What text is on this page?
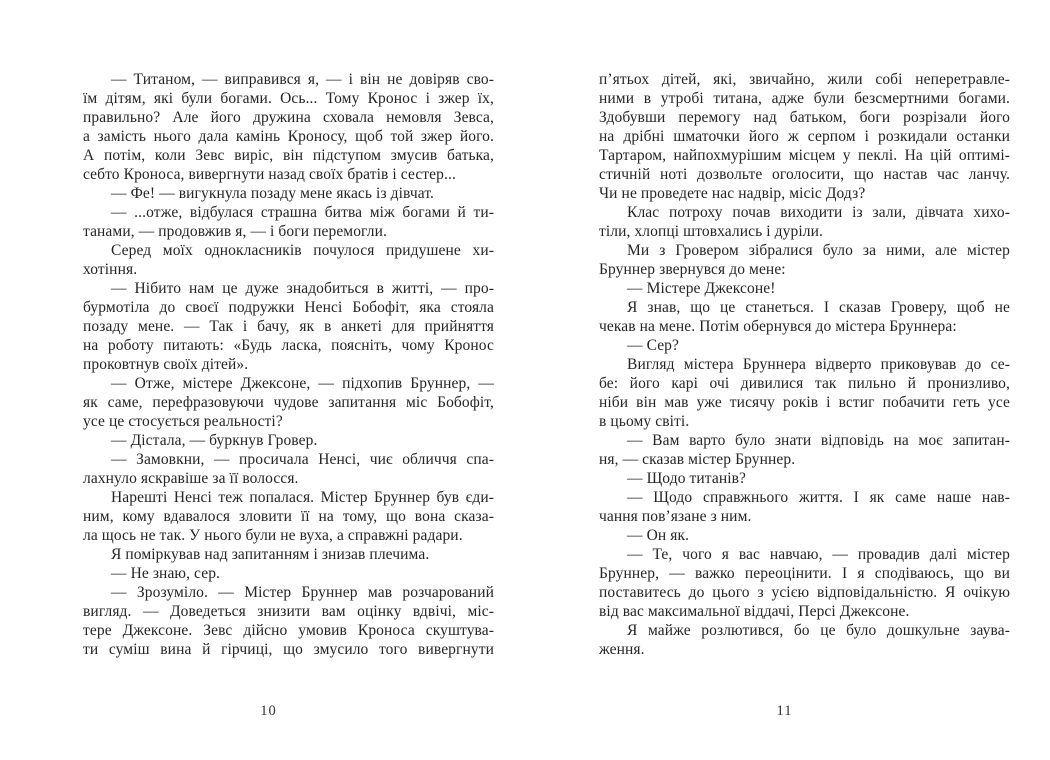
— Титаном, — виправився я, — і він не довіряв сво-
їм дітям, які були богами. Ось... Тому Кронос і зжер їх,
правильно? Але його дружина сховала немовля Зевса,
а замість нього дала камінь Кроносу, щоб той зжер його.
А потім, коли Зевс виріс, він підступом змусив батька,
себто Кроноса, вивергнути назад своїх братів і сестер...
— Фе! — вигукнула позаду мене якась із дівчат.
— ...отже, відбулася страшна битва між богами й ти-
танами, — продовжив я, — і боги перемогли.
Серед моїх однокласників почулося придушене хи-
хотіння.
— Нібито нам це дуже знадобиться в житті, — про-
бурмотіла до своєї подружки Ненсі Бобофіт, яка стояла
позаду мене. — Так і бачу, як в анкеті для прийняття
на роботу питають: «Будь ласка, поясніть, чому Кронос
проковтнув своїх дітей».
— Отже, містере Джексоне, — підхопив Бруннер, —
як саме, перефразовуючи чудове запитання міс Бобофіт,
усе це стосується реальності?
— Дістала, — буркнув Гровер.
— Замовкни, — просичала Ненсі, чиє обличчя спа-
лахнуло яскравіше за її волосся.
Нарешті Ненсі теж попалася. Містер Бруннер був єди-
ним, кому вдавалося зловити її на тому, що вона сказа-
ла щось не так. У нього були не вуха, а справжні радари.
Я поміркував над запитанням і знизав плечима.
— Не знаю, сер.
— Зрозуміло. — Містер Бруннер мав розчарований
вигляд. — Доведеться знизити вам оцінку вдвічі, міс-
тере Джексоне. Зевс дійсно умовив Кроноса скуштува-
ти суміш вина й гірчиці, що змусило того вивергнути
10
п’ятьох дітей, які, звичайно, жили собі неперетравле-
ними в утробі титана, адже були безсмертними богами.
Здобувши перемогу над батьком, боги розрізали його
на дрібні шматочки його ж серпом і розкидали останки
Тартаром, найпохмурішим місцем у пеклі. На цій оптимі-
стичній ноті дозвольте оголосити, що настав час ланчу.
Чи не проведете нас надвір, місіс Додз?
Клас потроху почав виходити із зали, дівчата хихо-
тіли, хлопці штовхались і дуріли.
Ми з Гровером зібралися було за ними, але містер
Бруннер звернувся до мене:
— Містере Джексоне!
Я знав, що це станеться. І сказав Гроверу, щоб не
чекав на мене. Потім обернувся до містера Бруннера:
— Сер?
Вигляд містера Бруннера відверто приковував до се-
бе: його карі очі дивилися так пильно й пронизливо,
ніби він мав уже тисячу років і встиг побачити геть усе
в цьому світі.
— Вам варто було знати відповідь на моє запитан-
ня, — сказав містер Бруннер.
— Щодо титанів?
— Щодо справжнього життя. І як саме наше нав-
чання пов’язане з ним.
— Он як.
— Те, чого я вас навчаю, — провадив далі містер
Бруннер, — важко переоцінити. І я сподіваюсь, що ви
поставитесь до цього з усією відповідальністю. Я очікую
від вас максимальної віддачі, Персі Джексоне.
Я майже розлютився, бо це було дошкульне заува-
ження.
11
